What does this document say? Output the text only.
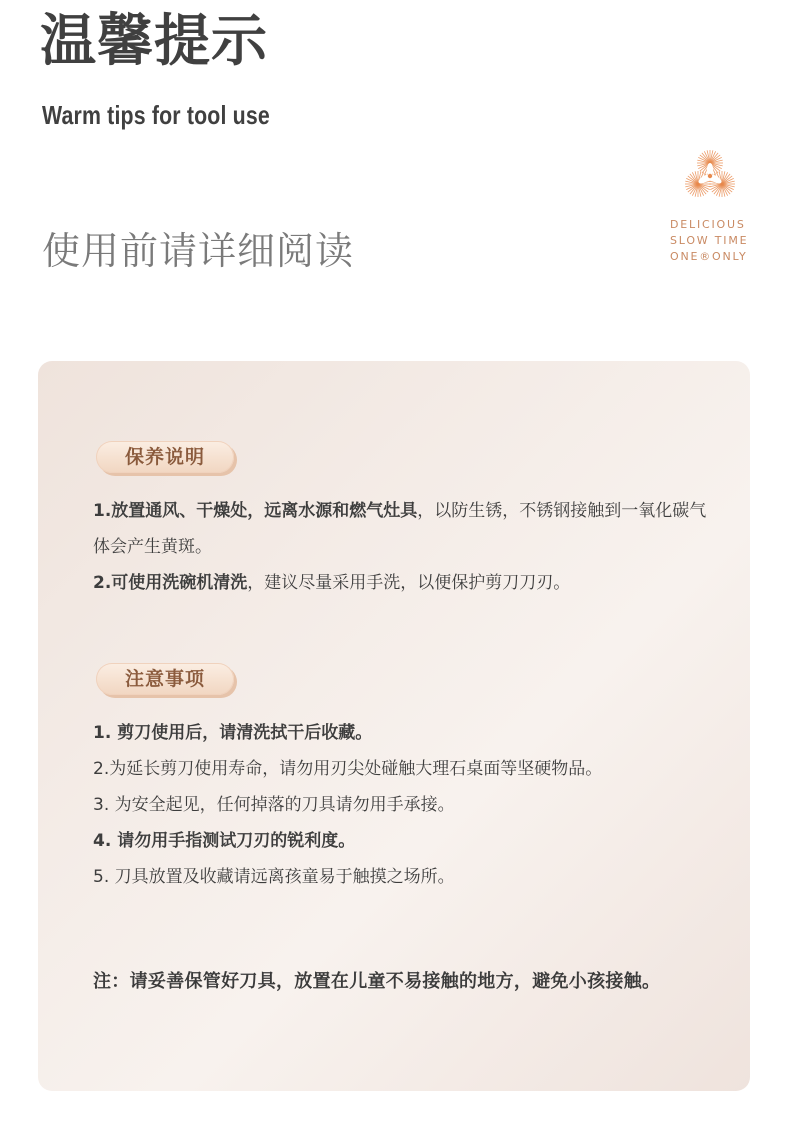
温馨提示
Warm tips for tool use
使用前请详细阅读
DELICIOUS
SLOW TIME
ONE®ONLY
保养说明
1.放置通风、干燥处，远离水源和燃气灶具，以防生锈，不锈钢接触到一氧化碳气体会产生黄斑。
2.可使用洗碗机清洗，建议尽量采用手洗，以便保护剪刀刀刃。
注意事项
1. 剪刀使用后，请清洗拭干后收藏。
2.为延长剪刀使用寿命，请勿用刃尖处碰触大理石桌面等坚硬物品。
3. 为安全起见，任何掉落的刀具请勿用手承接。
4. 请勿用手指测试刀刃的锐利度。
5. 刀具放置及收藏请远离孩童易于触摸之场所。
注：请妥善保管好刀具，放置在儿童不易接触的地方，避免小孩接触。
